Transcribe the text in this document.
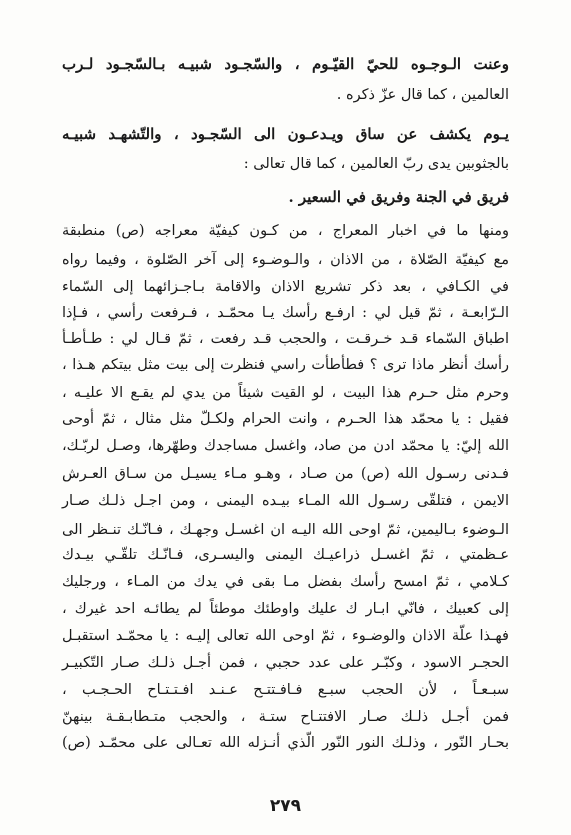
وعنت الـوجـوه للحيّ القيّـوم ، والسّجـود شبيـه بـالسّجـود لـرب
العالمين ، كما قال عزّ ذكره .
يـوم يكشف عن ساق ويـدعـون الى السّجـود ، والتّشهـد شبيـه
بالجثوبين يدى ربّ العالمين ، كما قال تعالى :
فريق في الجنة وفريق في السعير .
ومنها ما في اخبار المعراج ، من كـون كيفيّة معراجه (ص) منطبقة
مع كيفيّة الصّلاة ، من الاذان ، والـوضـوء إلى آخر الصّلوة ، وفيما رواه
في الكـافي ، بعد ذكر تشريع الاذان والاقامة بـاجـزائهما إلى السّماء
الـرّابعـة ، ثمّ قيل لي : ارفـع رأسك يـا محمّـد ، فـرفعت رأسي ، فـإذا
اطباق السّماء قـد خـرقـت ، والحجب قـد رفعت ، ثمّ قـال لي : طـأطـأ
رأسك أنظر ماذا ترى ؟ فطأطأت راسي فنظرت إلى بيت مثل بيتكم هـذا ،
وحرم مثل حـرم هذا البيت ، لو القيت شيئاً من يدي لم يقـع الا عليـه ،
فقيل : يا محمّد هذا الحـرم ، وانت الحرام ولكـلّ مثل مثال ، ثمّ أوحى
الله إليّ: يا محمّد ادن من صاد، واغسل مساجدك وطهّرها، وصـل لربّـك،
فـدنى رسـول الله (ص) من صـاد ، وهـو مـاء يسيـل من سـاق العـرش
الايمن ، فتلقّى رسـول الله المـاء بيـده اليمنى ، ومن اجـل ذلـك صـار
الـوضوء بـاليمين، ثمّ اوحى الله اليـه ان اغسـل وجهـك ، فـانّـك تنـظر الى
عـظمتي ، ثمّ اغسـل ذراعيـك اليمنى واليسـرى، فـانّـك تلقّـي بيـدك
كـلامي ، ثمّ امسح رأسك بفضل مـا بقى في يدك من المـاء ، ورجليك
إلى كعبيك ، فانّي ابـار ك عليك واوطئك موطئاً لم يطائـه احد غيرك ،
فهـذا علّة الاذان والوضـوء ، ثمّ اوحى الله تعالى إليـه : يا محمّـد استقبـل
الحجـر الاسود ، وكبّـر على عدد حجبي ، فمن أجـل ذلـك صـار التّكبيـر
سبـعـاً ، لأن الحجب سبـع فـافـتتـح عـنـد افـتـتـاح الحـجـب ،
فمن أجـل ذلـك صـار الافتتـاح ستـة ، والحجب متـطابـقـة بينهنّ
بحـار النّور ، وذلـك النور النّور الّذي أنـزله الله تعـالى على محمّـد (ص)
٢٧٩
